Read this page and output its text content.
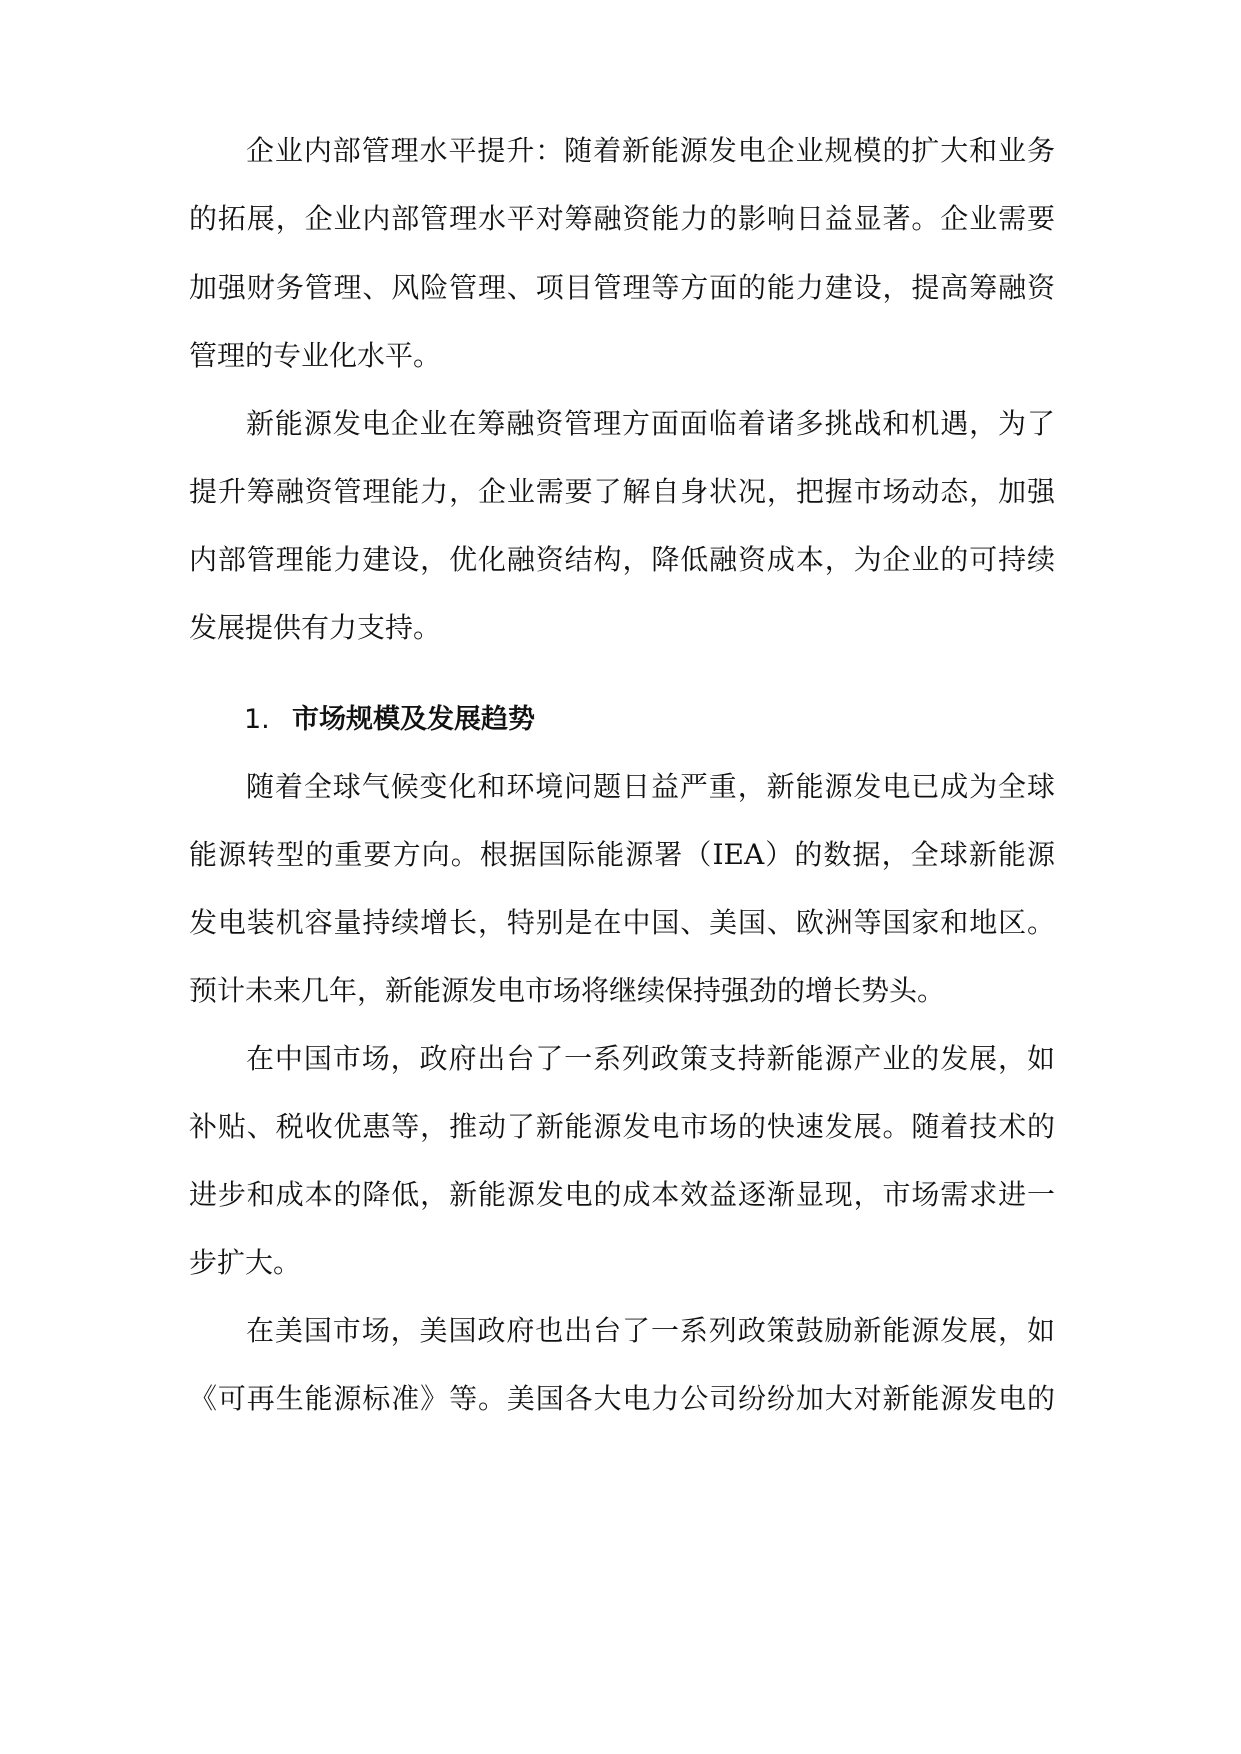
企业内部管理水平提升：随着新能源发电企业规模的扩大和业务
的拓展，企业内部管理水平对筹融资能力的影响日益显著。企业需要
加强财务管理、风险管理、项目管理等方面的能力建设，提高筹融资
管理的专业化水平。
新能源发电企业在筹融资管理方面面临着诸多挑战和机遇，为了
提升筹融资管理能力，企业需要了解自身状况，把握市场动态，加强
内部管理能力建设，优化融资结构，降低融资成本，为企业的可持续
发展提供有力支持。
随着全球气候变化和环境问题日益严重，新能源发电已成为全球
能源转型的重要方向。根据国际能源署（IEA）的数据，全球新能源
发电装机容量持续增长，特别是在中国、美国、欧洲等国家和地区。
预计未来几年，新能源发电市场将继续保持强劲的增长势头。
在中国市场，政府出台了一系列政策支持新能源产业的发展，如
补贴、税收优惠等，推动了新能源发电市场的快速发展。随着技术的
进步和成本的降低，新能源发电的成本效益逐渐显现，市场需求进一
步扩大。
在美国市场，美国政府也出台了一系列政策鼓励新能源发展，如
《可再生能源标准》等。美国各大电力公司纷纷加大对新能源发电的
1. 市场规模及发展趋势
